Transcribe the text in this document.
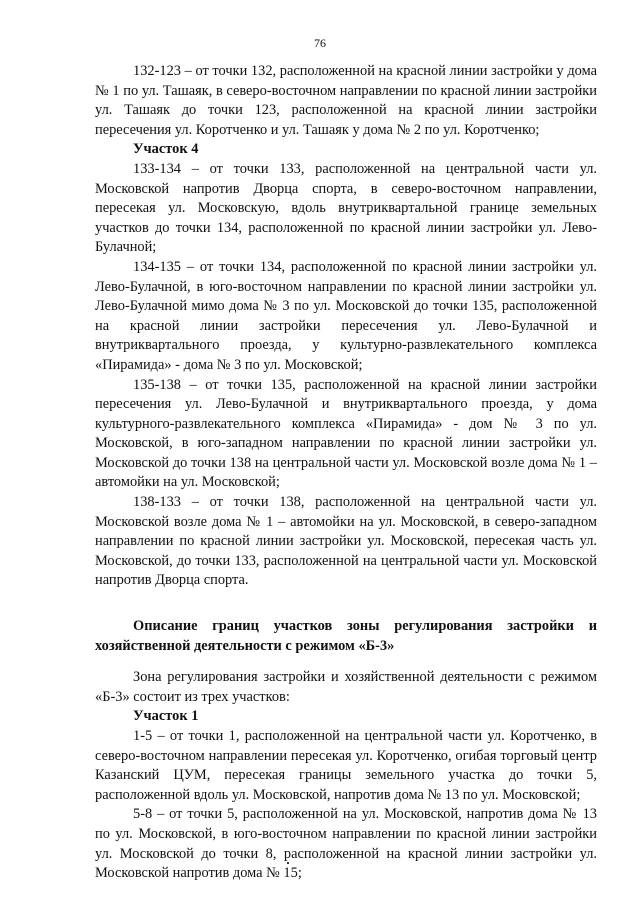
76

132-123 – от точки 132, расположенной на красной линии застройки у дома № 1 по ул. Ташаяк, в северо-восточном направлении по красной линии застройки ул. Ташаяк до точки 123, расположенной на красной линии застройки пересечения ул. Коротченко и ул. Ташаяк у дома № 2 по ул. Коротченко;

Участок 4

133-134 – от точки 133, расположенной на центральной части ул. Московской напротив Дворца спорта, в северо-восточном направлении, пересекая ул. Московскую, вдоль внутриквартальной границе земельных участков до точки 134, расположенной по красной линии застройки ул. Лево-Булачной;

134-135 – от точки 134, расположенной по красной линии застройки ул. Лево-Булачной, в юго-восточном направлении по красной линии застройки ул. Лево-Булачной мимо дома № 3 по ул. Московской до точки 135, расположенной на красной линии застройки пересечения ул. Лево-Булачной и внутриквартального проезда, у культурно-развлекательного комплекса «Пирамида» - дома № 3 по ул. Московской;

135-138 – от точки 135, расположенной на красной линии застройки пересечения ул. Лево-Булачной и внутриквартального проезда, у дома культурного-развлекательного комплекса «Пирамида» - дом № 3 по ул. Московской, в юго-западном направлении по красной линии застройки ул. Московской до точки 138 на центральной части ул. Московской возле дома № 1 – автомойки на ул. Московской;

138-133 – от точки 138, расположенной на центральной части ул. Московской возле дома № 1 – автомойки на ул. Московской, в северо-западном направлении по красной линии застройки ул. Московской, пересекая часть ул. Московской, до точки 133, расположенной на центральной части ул. Московской напротив Дворца спорта.

Описание границ участков зоны регулирования застройки и хозяйственной деятельности с режимом «Б-3»

Зона регулирования застройки и хозяйственной деятельности с режимом «Б-3» состоит из трех участков:

Участок 1

1-5 – от точки 1, расположенной на центральной части ул. Коротченко, в северо-восточном направлении пересекая ул. Коротченко, огибая торговый центр Казанский ЦУМ, пересекая границы земельного участка до точки 5, расположенной вдоль ул. Московской, напротив дома № 13 по ул. Московской;

5-8 – от точки 5, расположенной на ул. Московской, напротив дома № 13 по ул. Московской, в юго-восточном направлении по красной линии застройки ул. Московской до точки 8, расположенной на красной линии застройки ул. Московской напротив дома № 15;
